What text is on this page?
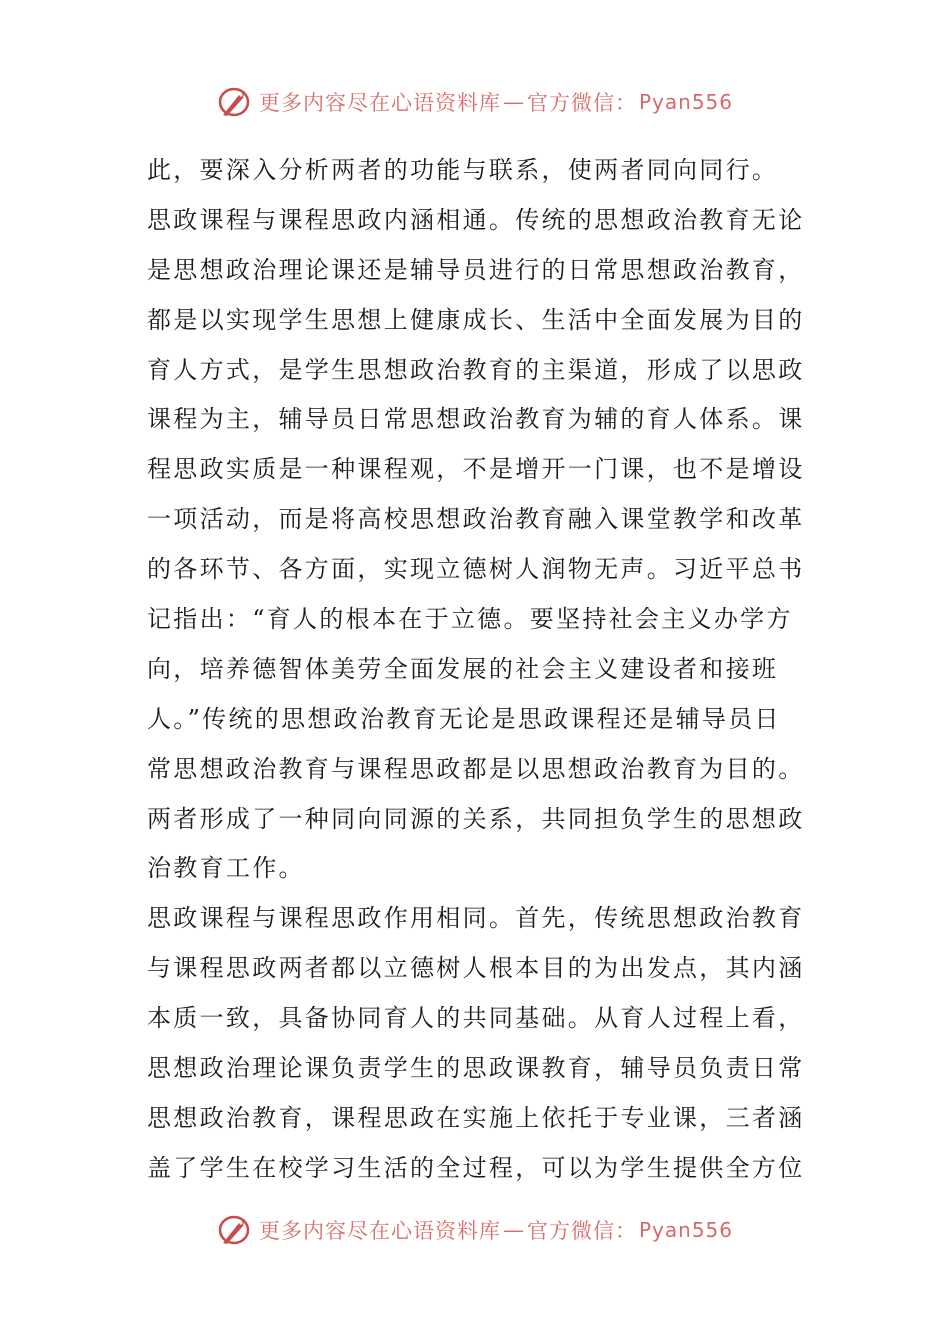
更多内容尽在心语资料库 — 官方微信： Pyan556
此，要深入分析两者的功能与联系，使两者同向同行。
思政课程与课程思政内涵相通。传统的思想政治教育无论
是思想政治理论课还是辅导员进行的日常思想政治教育，
都是以实现学生思想上健康成长、生活中全面发展为目的
育人方式，是学生思想政治教育的主渠道，形成了以思政
课程为主，辅导员日常思想政治教育为辅的育人体系。课
程思政实质是一种课程观，不是增开一门课，也不是增设
一项活动，而是将高校思想政治教育融入课堂教学和改革
的各环节、各方面，实现立德树人润物无声。习近平总书
记指出：“育人的根本在于立德。要坚持社会主义办学方
向，培养德智体美劳全面发展的社会主义建设者和接班
人。”传统的思想政治教育无论是思政课程还是辅导员日
常思想政治教育与课程思政都是以思想政治教育为目的。
两者形成了一种同向同源的关系，共同担负学生的思想政
治教育工作。
思政课程与课程思政作用相同。首先，传统思想政治教育
与课程思政两者都以立德树人根本目的为出发点，其内涵
本质一致，具备协同育人的共同基础。从育人过程上看，
思想政治理论课负责学生的思政课教育，辅导员负责日常
思想政治教育，课程思政在实施上依托于专业课，三者涵
盖了学生在校学习生活的全过程，可以为学生提供全方位
更多内容尽在心语资料库 — 官方微信： Pyan556
